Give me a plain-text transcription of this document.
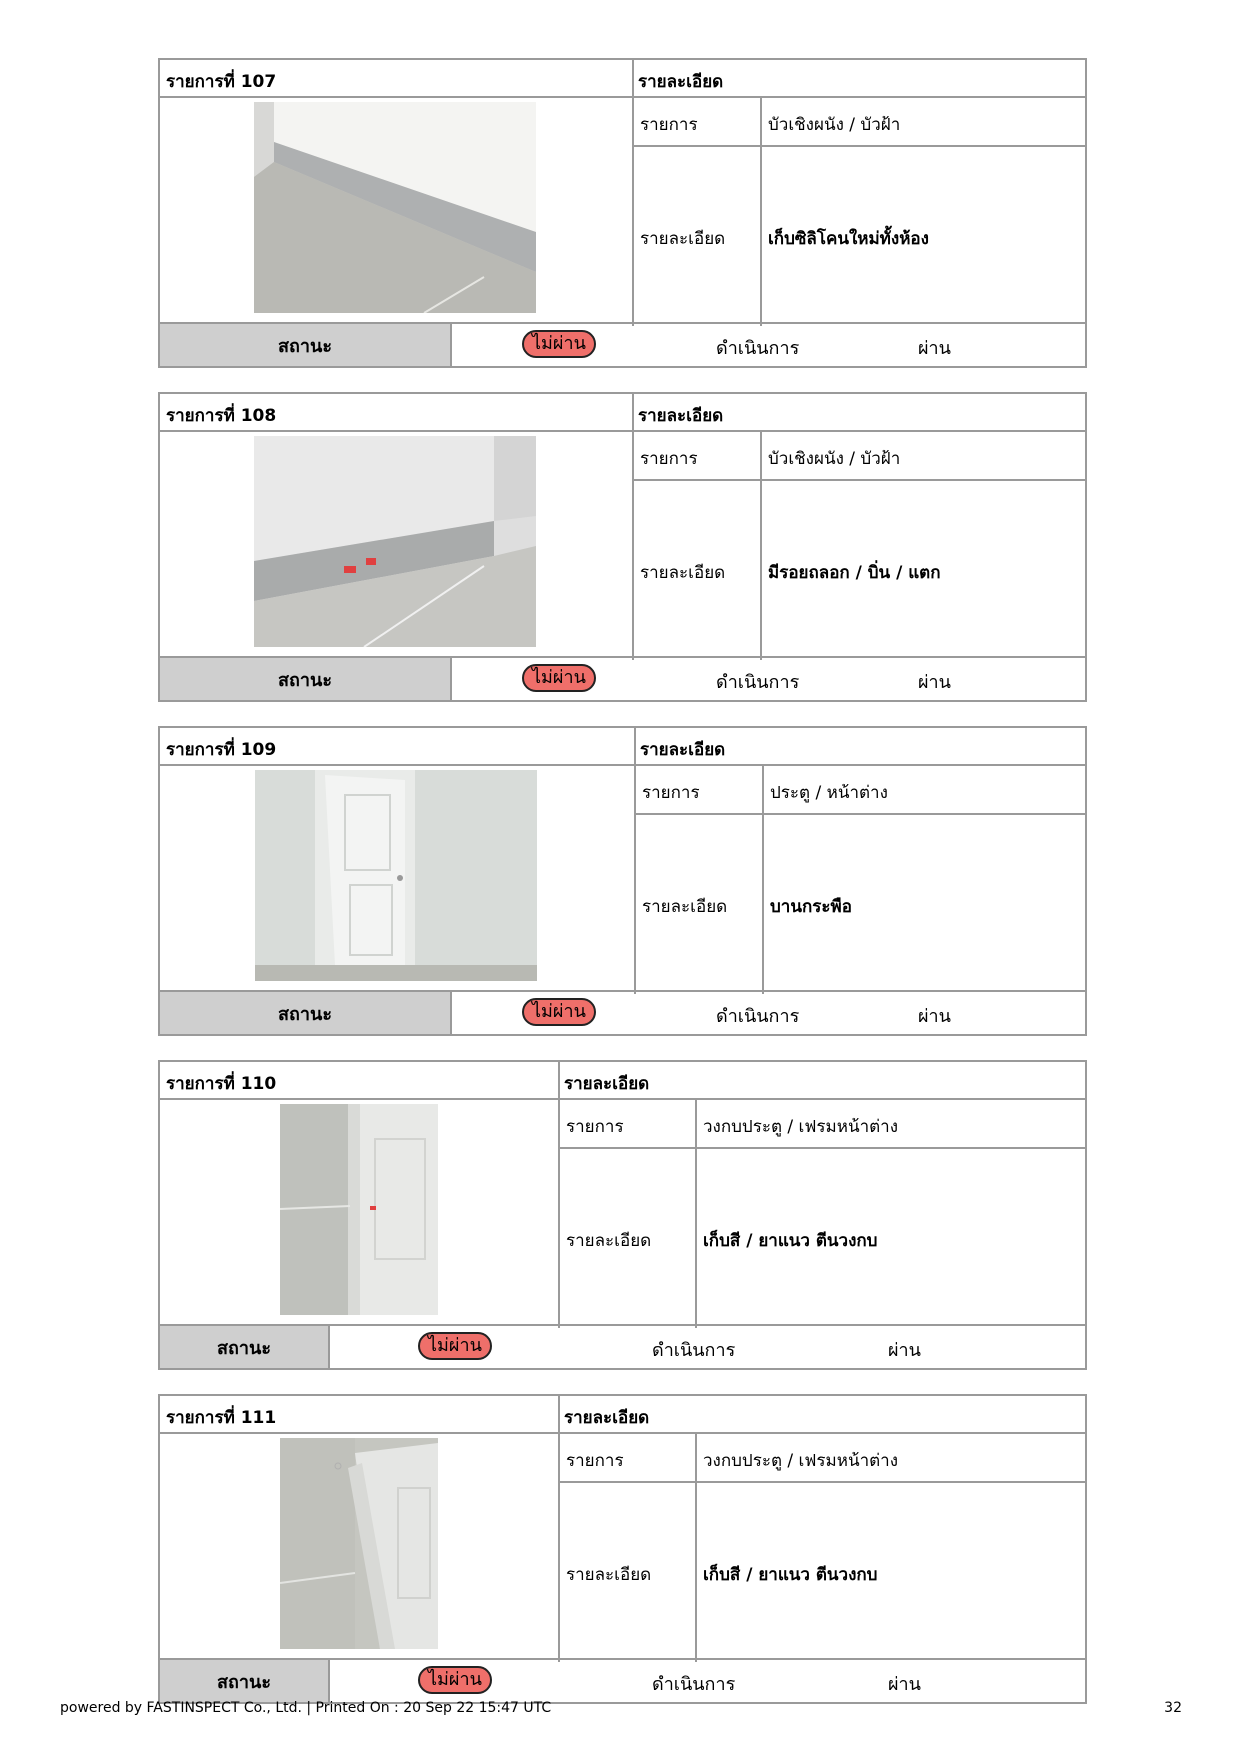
รายการที่ 107	รายละเอียด
รายการ	บัวเชิงผนัง / บัวฝ้า
รายละเอียด	เก็บซิลิโคนใหม่ทั้งห้อง
สถานะ	ไม่ผ่าน	ดำเนินการ	ผ่าน
รายการที่ 108	รายละเอียด
รายการ	บัวเชิงผนัง / บัวฝ้า
รายละเอียด	มีรอยถลอก / บิ่น / แตก
สถานะ	ไม่ผ่าน	ดำเนินการ	ผ่าน
รายการที่ 109	รายละเอียด
รายการ	ประตู / หน้าต่าง
รายละเอียด	บานกระพือ
สถานะ	ไม่ผ่าน	ดำเนินการ	ผ่าน
รายการที่ 110	รายละเอียด
รายการ	วงกบประตู / เฟรมหน้าต่าง
รายละเอียด	เก็บสี / ยาแนว ตีนวงกบ
สถานะ	ไม่ผ่าน	ดำเนินการ	ผ่าน
รายการที่ 111	รายละเอียด
รายการ	วงกบประตู / เฟรมหน้าต่าง
รายละเอียด	เก็บสี / ยาแนว ตีนวงกบ
สถานะ	ไม่ผ่าน	ดำเนินการ	ผ่าน
powered by FASTINSPECT Co., Ltd. | Printed On : 20 Sep 22 15:47 UTC	32
